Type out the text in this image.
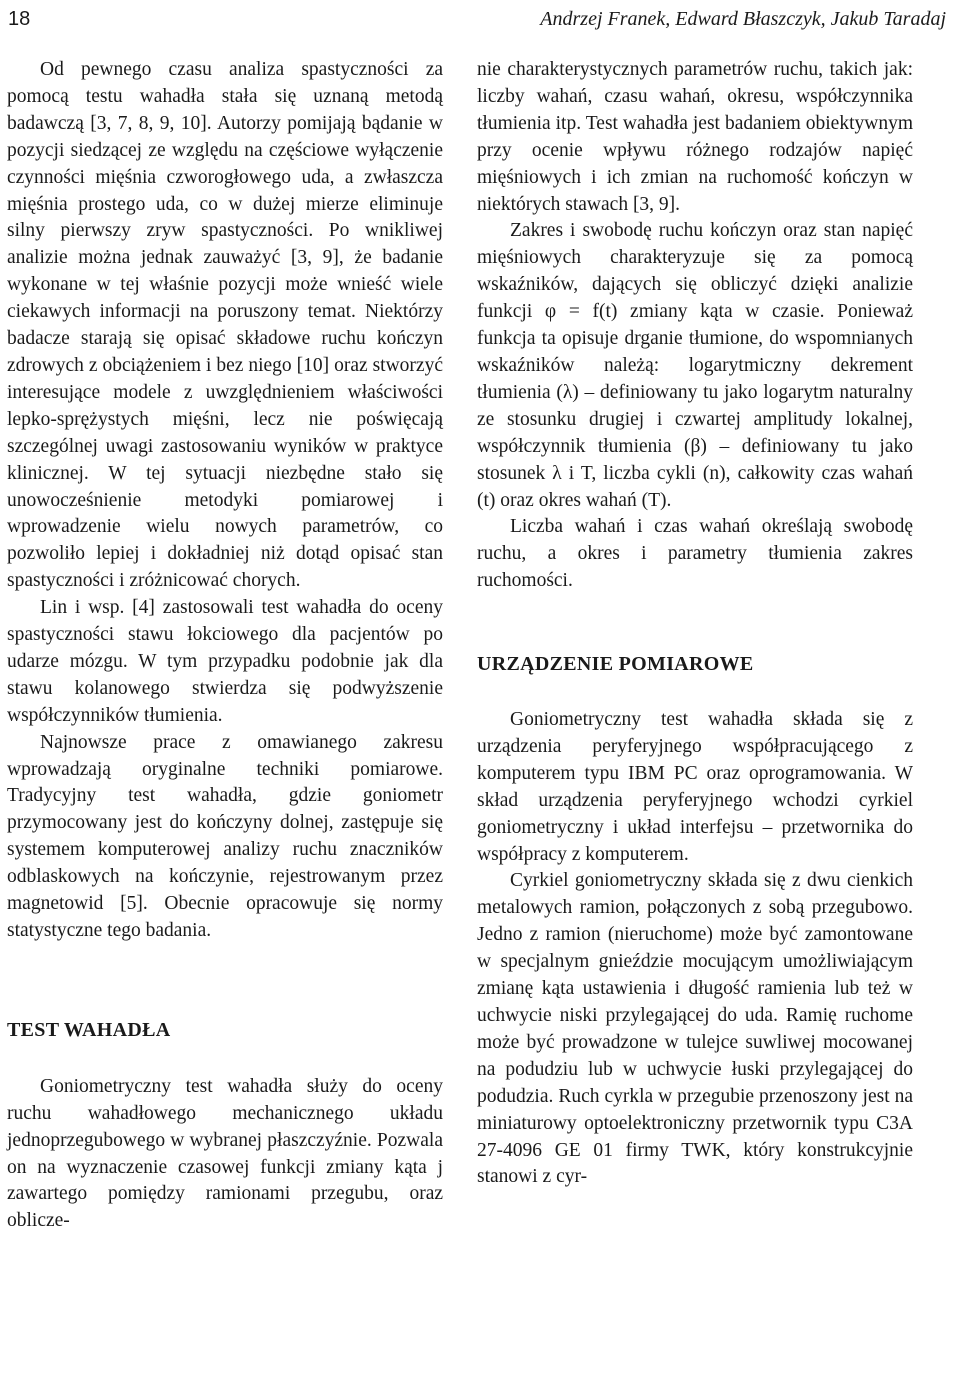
18	Andrzej Franek, Edward Błaszczyk, Jakub Taradaj

Od pewnego czasu analiza spastyczności za pomocą testu wahadła stała się uznaną metodą badawczą [3, 7, 8, 9, 10]. Autorzy pomijają bądanie w pozycji siedzącej ze względu na częściowe wyłączenie czynności mięśnia czworogłowego uda, a zwłaszcza mięśnia prostego uda, co w dużej mierze eliminuje silny pierwszy zryw spastyczności. Po wnikliwej analizie można jednak zauważyć [3, 9], że badanie wykonane w tej właśnie pozycji może wnieść wiele ciekawych informacji na poruszony temat. Niektórzy badacze starają się opisać składowe ruchu kończyn zdrowych z obciążeniem i bez niego [10] oraz stworzyć interesujące modele z uwzględnieniem właściwości lepko-sprężystych mięśni, lecz nie poświęcają szczególnej uwagi zastosowaniu wyników w praktyce klinicznej. W tej sytuacji niezbędne stało się unowocześnienie metodyki pomiarowej i wprowadzenie wielu nowych parametrów, co pozwoliło lepiej i dokładniej niż dotąd opisać stan spastyczności i zróżnicować chorych.

Lin i wsp. [4] zastosowali test wahadła do oceny spastyczności stawu łokciowego dla pacjentów po udarze mózgu. W tym przypadku podobnie jak dla stawu kolanowego stwierdza się podwyższenie współczynników tłumienia.

Najnowsze prace z omawianego zakresu wprowadzają oryginalne techniki pomiarowe. Tradycyjny test wahadła, gdzie goniometr przymocowany jest do kończyny dolnej, zastępuje się systemem komputerowej analizy ruchu znaczników odblaskowych na kończynie, rejestrowanym przez magnetowid [5]. Obecnie opracowuje się normy statystyczne tego badania.

TEST WAHADŁA

Goniometryczny test wahadła służy do oceny ruchu wahadłowego mechanicznego układu jednoprzegubowego w wybranej płaszczyźnie. Pozwala on na wyznaczenie czasowej funkcji zmiany kąta j zawartego pomiędzy ramionami przegubu, oraz oblicze-

nie charakterystycznych parametrów ruchu, takich jak: liczby wahań, czasu wahań, okresu, współczynnika tłumienia itp. Test wahadła jest badaniem obiektywnym przy ocenie wpływu różnego rodzajów napięć mięśniowych i ich zmian na ruchomość kończyn w niektórych stawach [3, 9].

Zakres i swobodę ruchu kończyn oraz stan napięć mięśniowych charakteryzuje się za pomocą wskaźników, dających się obliczyć dzięki analizie funkcji φ = f(t) zmiany kąta w czasie. Ponieważ funkcja ta opisuje drganie tłumione, do wspomnianych wskaźników należą: logarytmiczny dekrement tłumienia (λ) – definiowany tu jako logarytm naturalny ze stosunku drugiej i czwartej amplitudy lokalnej, współczynnik tłumienia (β) – definiowany tu jako stosunek λ i T, liczba cykli (n), całkowity czas wahań (t) oraz okres wahań (T).

Liczba wahań i czas wahań określają swobodę ruchu, a okres i parametry tłumienia zakres ruchomości.

URZĄDZENIE POMIAROWE

Goniometryczny test wahadła składa się z urządzenia peryferyjnego współpracującego z komputerem typu IBM PC oraz oprogramowania. W skład urządzenia peryferyjnego wchodzi cyrkiel goniometryczny i układ interfejsu – przetwornika do współpracy z komputerem.

Cyrkiel goniometryczny składa się z dwu cienkich metalowych ramion, połączonych z sobą przegubowo. Jedno z ramion (nieruchome) może być zamontowane w specjalnym gnieździe mocującym umożliwiającym zmianę kąta ustawienia i długość ramienia lub też w uchwycie niski przylegającej do uda. Ramię ruchome może być prowadzone w tulejce suwliwej mocowanej na podudziu lub w uchwycie łuski przylegającej do podudzia. Ruch cyrkla w przegubie przenoszony jest na miniaturowy optoelektroniczny przetwornik typu C3A 27-4096 GE 01 firmy TWK, który konstrukcyjnie stanowi z cyr-
